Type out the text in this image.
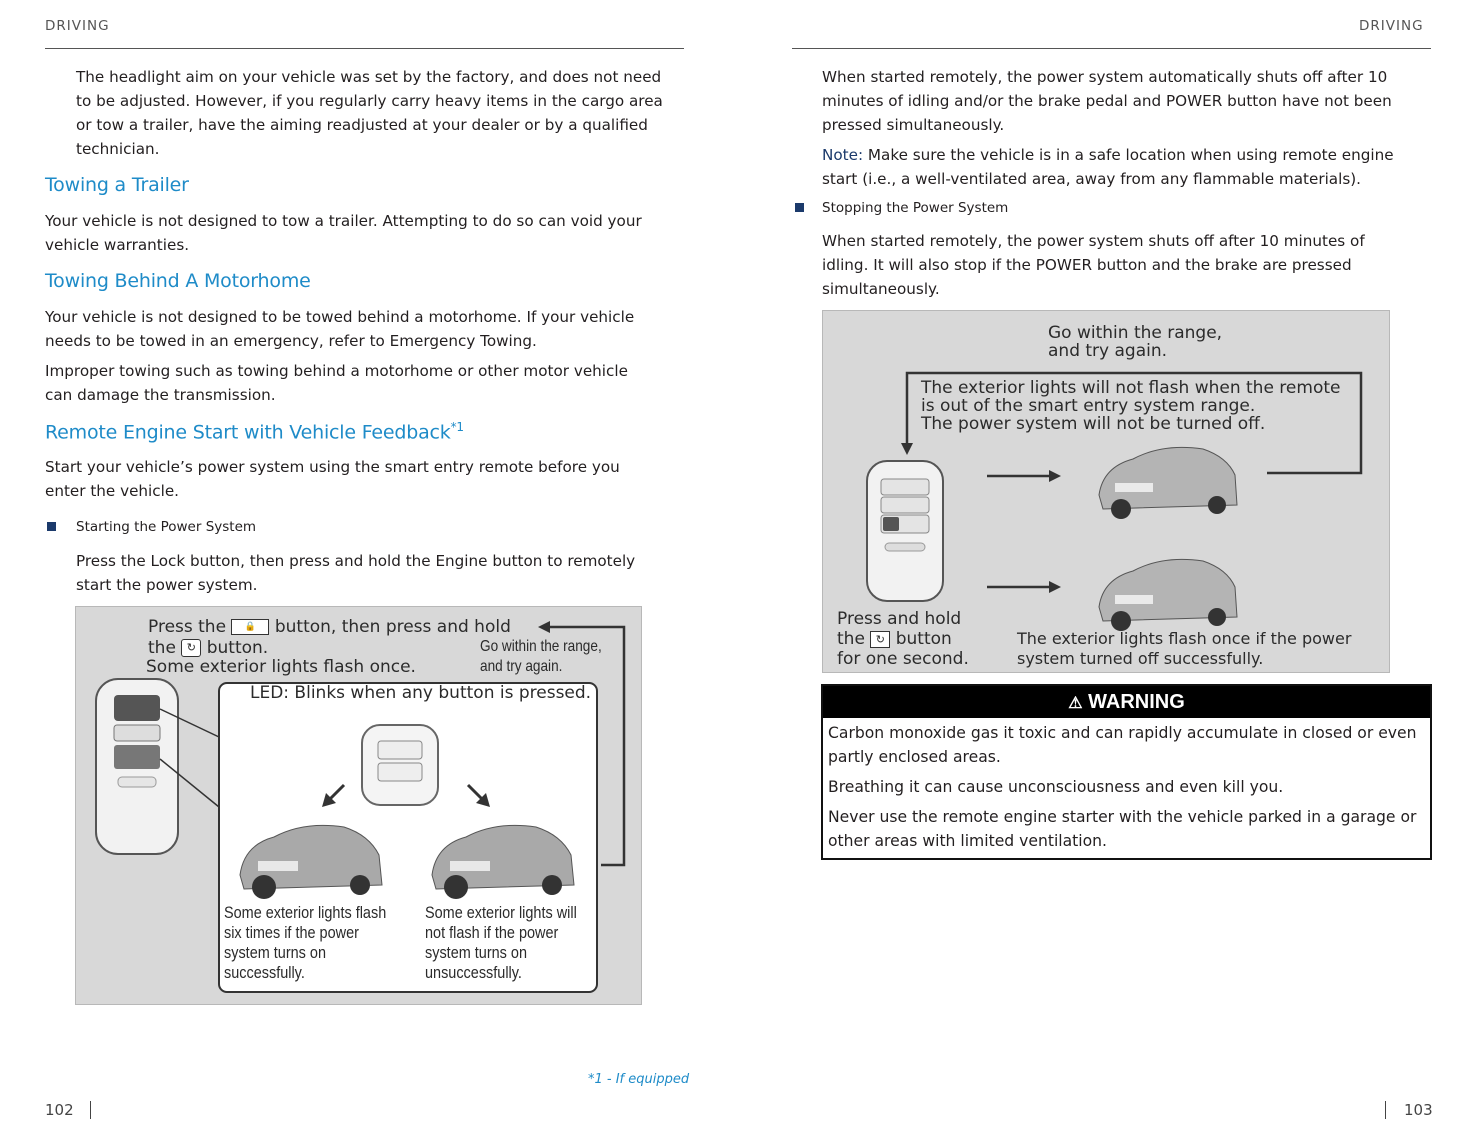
DRIVING
The headlight aim on your vehicle was set by the factory, and does not need
to be adjusted. However, if you regularly carry heavy items in the cargo area
or tow a trailer, have the aiming readjusted at your dealer or by a qualified
technician.
Towing a Trailer
Your vehicle is not designed to tow a trailer. Attempting to do so can void your
vehicle warranties.
Towing Behind A Motorhome
Your vehicle is not designed to be towed behind a motorhome. If your vehicle
needs to be towed in an emergency, refer to Emergency Towing.
Improper towing such as towing behind a motorhome or other motor vehicle
can damage the transmission.
Remote Engine Start with Vehicle Feedback$^{*1}$
Start your vehicle’s power system using the smart entry remote before you
enter the vehicle.
Starting the Power System
Press the Lock button, then press and hold the Engine button to remotely
start the power system.
Press the 🔒 button, then press and hold
the ↻ button.
Some exterior lights flash once.
Go within the range,
and try again.
LED: Blinks when any button is pressed.
Some exterior lights flash
six times if the power
system turns on
successfully.
Some exterior lights will
not flash if the power
system turns on
unsuccessfully.
*1 - If equipped
102
DRIVING
When started remotely, the power system automatically shuts off after 10
minutes of idling and/or the brake pedal and POWER button have not been
pressed simultaneously.
Note: Make sure the vehicle is in a safe location when using remote engine
start (i.e., a well-ventilated area, away from any flammable materials).
Stopping the Power System
When started remotely, the power system shuts off after 10 minutes of
idling. It will also stop if the POWER button and the brake are pressed
simultaneously.
Go within the range,
and try again.
The exterior lights will not flash when the remote
is out of the smart entry system range.
The power system will not be turned off.
Press and hold
the ↻ button
for one second.
The exterior lights flash once if the power
system turned off successfully.
⚠ WARNING
Carbon monoxide gas it toxic and can rapidly accumulate in closed or even
partly enclosed areas.
Breathing it can cause unconsciousness and even kill you.
Never use the remote engine starter with the vehicle parked in a garage or
other areas with limited ventilation.
103
